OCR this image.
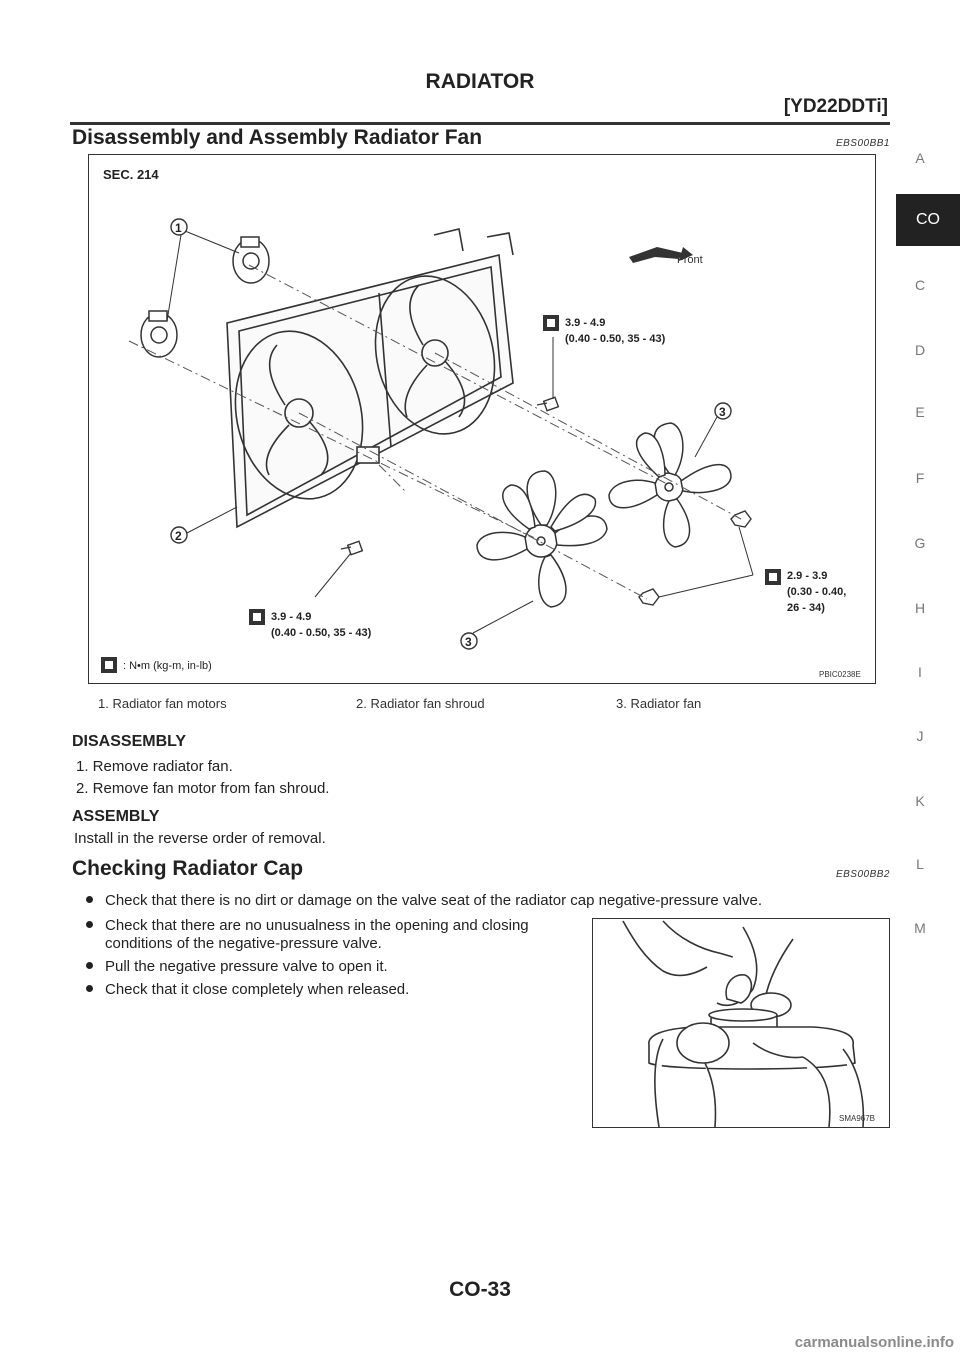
RADIATOR
[YD22DDTi]
A
CO
C
D
E
F
G
H
I
J
K
L
M
Disassembly and Assembly Radiator Fan	EBS00BB1
SEC. 214
Front
1
2
3
3
3.9 - 4.9
(0.40 - 0.50, 35 - 43)
3.9 - 4.9
(0.40 - 0.50, 35 - 43)
2.9 - 3.9
(0.30 - 0.40,
26 - 34)
: N•m (kg-m, in-lb)
PBIC0238E
1. Radiator fan motors	2. Radiator fan shroud	3. Radiator fan
DISASSEMBLY
1. Remove radiator fan.
2. Remove fan motor from fan shroud.
ASSEMBLY
Install in the reverse order of removal.
Checking Radiator Cap	EBS00BB2
Check that there is no dirt or damage on the valve seat of the radiator cap negative-pressure valve.
Check that there are no unusualness in the opening and closing
conditions of the negative-pressure valve.
Pull the negative pressure valve to open it.
Check that it close completely when released.
SMA967B
CO-33
carmanualsonline.info
